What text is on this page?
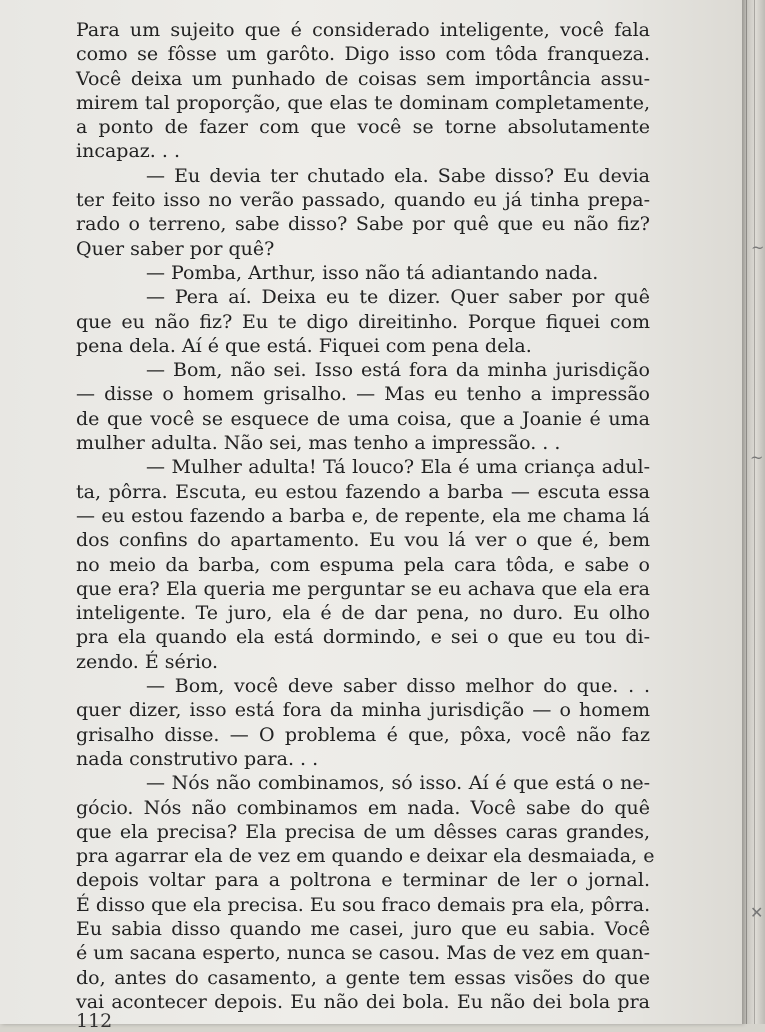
Para um sujeito que é considerado inteligente, você fala
como se fôsse um garôto. Digo isso com tôda franqueza.
Você deixa um punhado de coisas sem importância assu-
mirem tal proporção, que elas te dominam completamente,
a ponto de fazer com que você se torne absolutamente
incapaz. . .
— Eu devia ter chutado ela. Sabe disso? Eu devia
ter feito isso no verão passado, quando eu já tinha prepa-
rado o terreno, sabe disso? Sabe por quê que eu não fiz?
Quer saber por quê?
— Pomba, Arthur, isso não tá adiantando nada.
— Pera aí. Deixa eu te dizer. Quer saber por quê
que eu não fiz? Eu te digo direitinho. Porque fiquei com
pena dela. Aí é que está. Fiquei com pena dela.
— Bom, não sei. Isso está fora da minha jurisdição
— disse o homem grisalho. — Mas eu tenho a impressão
de que você se esquece de uma coisa, que a Joanie é uma
mulher adulta. Não sei, mas tenho a impressão. . .
— Mulher adulta! Tá louco? Ela é uma criança adul-
ta, pôrra. Escuta, eu estou fazendo a barba — escuta essa
— eu estou fazendo a barba e, de repente, ela me chama lá
dos confins do apartamento. Eu vou lá ver o que é, bem
no meio da barba, com espuma pela cara tôda, e sabe o
que era? Ela queria me perguntar se eu achava que ela era
inteligente. Te juro, ela é de dar pena, no duro. Eu olho
pra ela quando ela está dormindo, e sei o que eu tou di-
zendo. É sério.
— Bom, você deve saber disso melhor do que. . .
quer dizer, isso está fora da minha jurisdição — o homem
grisalho disse. — O problema é que, pôxa, você não faz
nada construtivo para. . .
— Nós não combinamos, só isso. Aí é que está o ne-
gócio. Nós não combinamos em nada. Você sabe do quê
que ela precisa? Ela precisa de um dêsses caras grandes,
pra agarrar ela de vez em quando e deixar ela desmaiada, e
depois voltar para a poltrona e terminar de ler o jornal.
É disso que ela precisa. Eu sou fraco demais pra ela, pôrra.
Eu sabia disso quando me casei, juro que eu sabia. Você
é um sacana esperto, nunca se casou. Mas de vez em quan-
do, antes do casamento, a gente tem essas visões do que
vai acontecer depois. Eu não dei bola. Eu não dei bola pra
112
~
~
✕
